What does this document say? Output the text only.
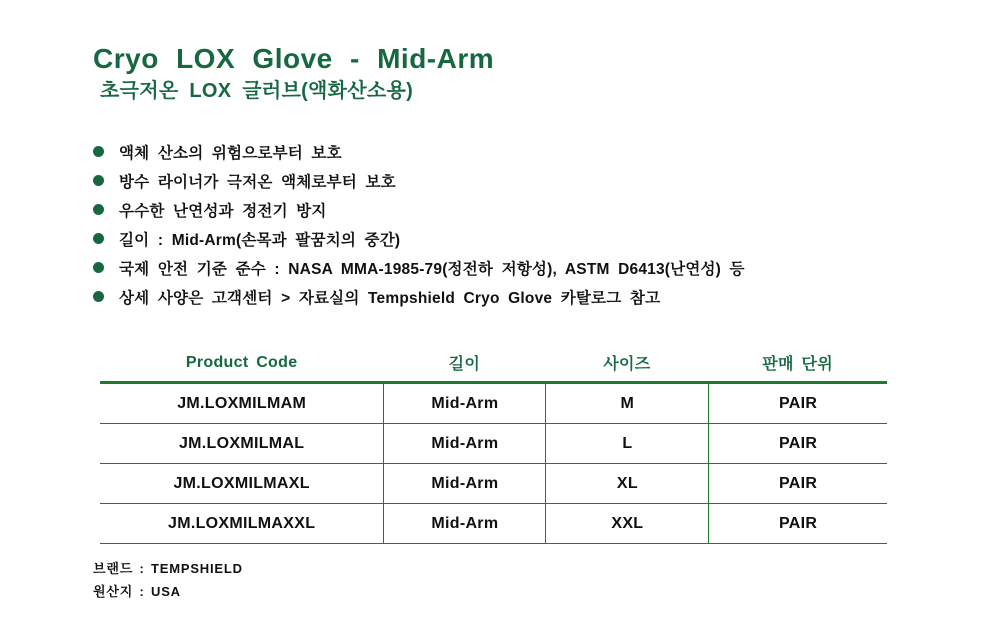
Cryo LOX Glove - Mid-Arm
초극저온 LOX 글러브(액화산소용)
액체 산소의 위험으로부터 보호
방수 라이너가 극저온 액체로부터 보호
우수한 난연성과 정전기 방지
길이 : Mid-Arm(손목과 팔꿈치의 중간)
국제 안전 기준 준수 : NASA MMA-1985-79(정전하 저항성), ASTM D6413(난연성) 등
상세 사양은 고객센터 > 자료실의 Tempshield Cryo Glove 카탈로그 참고
Product Code	길이	사이즈	판매 단위
JM.LOXMILMAM	Mid-Arm	M	PAIR
JM.LOXMILMAL	Mid-Arm	L	PAIR
JM.LOXMILMAXL	Mid-Arm	XL	PAIR
JM.LOXMILMAXXL	Mid-Arm	XXL	PAIR
브랜드 : TEMPSHIELD
원산지 : USA
